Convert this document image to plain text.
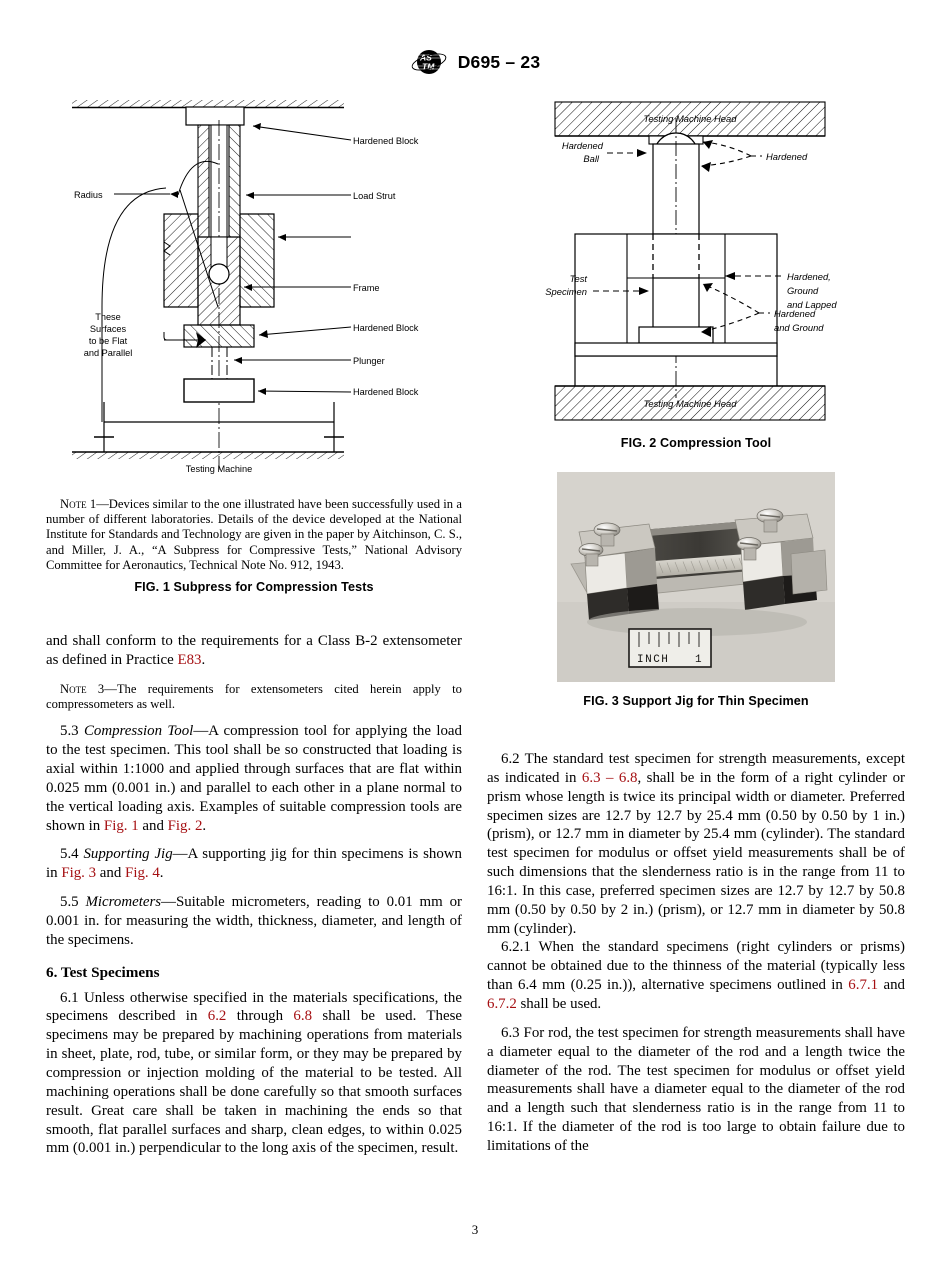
AS
TM D695 – 23
Hardened Block
Load Strut
Frame
Plunger
Hardened Block
Hardened Block
Radius
These
Surfaces
to be Flat
and Parallel
Testing Machine

Note 1—Devices similar to the one illustrated have been successfully used in a number of different laboratories. Details of the device developed at the National Institute for Standards and Technology are given in the paper by Aitchinson, C. S., and Miller, J. A., “A Subpress for Compressive Tests,” National Advisory Committee for Aeronautics, Technical Note No. 912, 1943.

FIG. 1 Subpress for Compression Tests

and shall conform to the requirements for a Class B-2 extensometer as defined in Practice E83.

Note 3—The requirements for extensometers cited herein apply to compressometers as well.

5.3 Compression Tool—A compression tool for applying the load to the test specimen. This tool shall be so constructed that loading is axial within 1:1000 and applied through surfaces that are flat within 0.025 mm (0.001 in.) and parallel to each other in a plane normal to the vertical loading axis. Examples of suitable compression tools are shown in Fig. 1 and Fig. 2.

5.4 Supporting Jig—A supporting jig for thin specimens is shown in Fig. 3 and Fig. 4.

5.5 Micrometers—Suitable micrometers, reading to 0.01 mm or 0.001 in. for measuring the width, thickness, diameter, and length of the specimens.

6. Test Specimens

6.1 Unless otherwise specified in the materials specifications, the specimens described in 6.2 through 6.8 shall be used. These specimens may be prepared by machining operations from materials in sheet, plate, rod, tube, or similar form, or they may be prepared by compression or injection molding of the material to be tested. All machining operations shall be done carefully so that smooth surfaces result. Great care shall be taken in machining the ends so that smooth, flat parallel surfaces and sharp, clean edges, to within 0.025 mm (0.001 in.) perpendicular to the long axis of the specimen, result.

Testing Machine Head
Testing Machine Head
Hardened
Ball	Hardened
Hardened,
Ground
and Lapped
Test
Specimen
Hardened
and Ground
FIG. 2 Compression Tool
INCH 1
FIG. 3 Support Jig for Thin Specimen

6.2 The standard test specimen for strength measurements, except as indicated in 6.3 – 6.8, shall be in the form of a right cylinder or prism whose length is twice its principal width or diameter. Preferred specimen sizes are 12.7 by 12.7 by 25.4 mm (0.50 by 0.50 by 1 in.) (prism), or 12.7 mm in diameter by 25.4 mm (cylinder). The standard test specimen for modulus or offset yield measurements shall be of such dimensions that the slenderness ratio is in the range from 11 to 16:1. In this case, preferred specimen sizes are 12.7 by 12.7 by 50.8 mm (0.50 by 0.50 by 2 in.) (prism), or 12.7 mm in diameter by 50.8 mm (cylinder).

6.2.1 When the standard specimens (right cylinders or prisms) cannot be obtained due to the thinness of the material (typically less than 6.4 mm (0.25 in.)), alternative specimens outlined in 6.7.1 and 6.7.2 shall be used.

6.3 For rod, the test specimen for strength measurements shall have a diameter equal to the diameter of the rod and a length twice the diameter of the rod. The test specimen for modulus or offset yield measurements shall have a diameter equal to the diameter of the rod and a length such that slenderness ratio is in the range from 11 to 16:1. If the diameter of the rod is too large to obtain failure due to limitations of the

3
